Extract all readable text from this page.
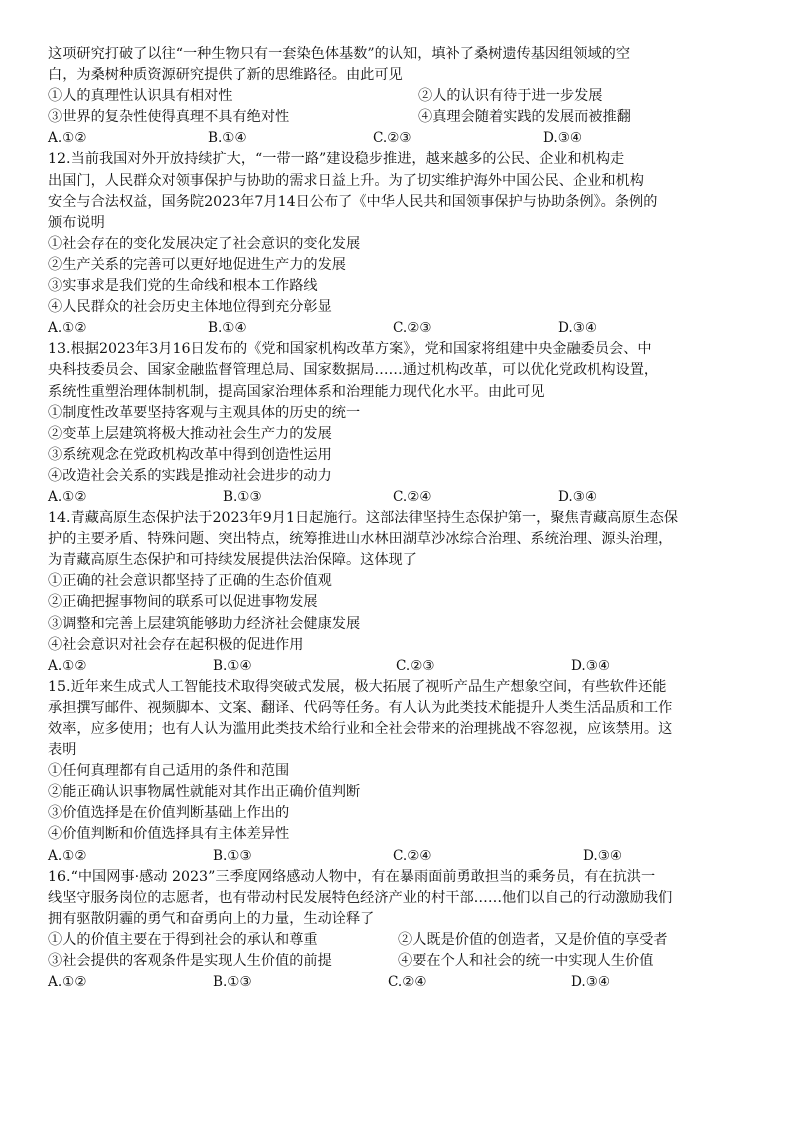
这项研究打破了以往“一种生物只有一套染色体基数”的认知，填补了桑树遗传基因组领域的空
白，为桑树种质资源研究提供了新的思维路径。由此可见
①人的真理性认识具有相对性	②人的认识有待于进一步发展
③世界的复杂性使得真理不具有绝对性	④真理会随着实践的发展而被推翻
A.①②	B.①④	C.②③	D.③④
12.当前我国对外开放持续扩大，“一带一路”建设稳步推进，越来越多的公民、企业和机构走
出国门，人民群众对领事保护与协助的需求日益上升。为了切实维护海外中国公民、企业和机构
安全与合法权益，国务院2023年7月14日公布了《中华人民共和国领事保护与协助条例》。条例的
颁布说明
①社会存在的变化发展决定了社会意识的变化发展
②生产关系的完善可以更好地促进生产力的发展
③实事求是我们党的生命线和根本工作路线
④人民群众的社会历史主体地位得到充分彰显
A.①②	B.①④	C.②③	D.③④
13.根据2023年3月16日发布的《党和国家机构改革方案》，党和国家将组建中央金融委员会、中
央科技委员会、国家金融监督管理总局、国家数据局……通过机构改革，可以优化党政机构设置，
系统性重塑治理体制机制，提高国家治理体系和治理能力现代化水平。由此可见
①制度性改革要坚持客观与主观具体的历史的统一
②变革上层建筑将极大推动社会生产力的发展
③系统观念在党政机构改革中得到创造性运用
④改造社会关系的实践是推动社会进步的动力
A.①②	B.①③	C.②④	D.③④
14.青藏高原生态保护法于2023年9月1日起施行。这部法律坚持生态保护第一，聚焦青藏高原生态保
护的主要矛盾、特殊问题、突出特点，统筹推进山水林田湖草沙冰综合治理、系统治理、源头治理，
为青藏高原生态保护和可持续发展提供法治保障。这体现了
①正确的社会意识都坚持了正确的生态价值观
②正确把握事物间的联系可以促进事物发展
③调整和完善上层建筑能够助力经济社会健康发展
④社会意识对社会存在起积极的促进作用
A.①②	B.①④	C.②③	D.③④
15.近年来生成式人工智能技术取得突破式发展，极大拓展了视听产品生产想象空间，有些软件还能
承担撰写邮件、视频脚本、文案、翻译、代码等任务。有人认为此类技术能提升人类生活品质和工作
效率，应多使用；也有人认为滥用此类技术给行业和全社会带来的治理挑战不容忽视，应该禁用。这
表明
①任何真理都有自己适用的条件和范围
②能正确认识事物属性就能对其作出正确价值判断
③价值选择是在价值判断基础上作出的
④价值判断和价值选择具有主体差异性
A.①②	B.①③	C.②④	D.③④
16.“中国网事·感动 2023”三季度网络感动人物中，有在暴雨面前勇敢担当的乘务员，有在抗洪一
线坚守服务岗位的志愿者，也有带动村民发展特色经济产业的村干部……他们以自己的行动激励我们
拥有驱散阴霾的勇气和奋勇向上的力量，生动诠释了
①人的价值主要在于得到社会的承认和尊重	②人既是价值的创造者，又是价值的享受者
③社会提供的客观条件是实现人生价值的前提	④要在个人和社会的统一中实现人生价值
A.①②	B.①③	C.②④	D.③④
